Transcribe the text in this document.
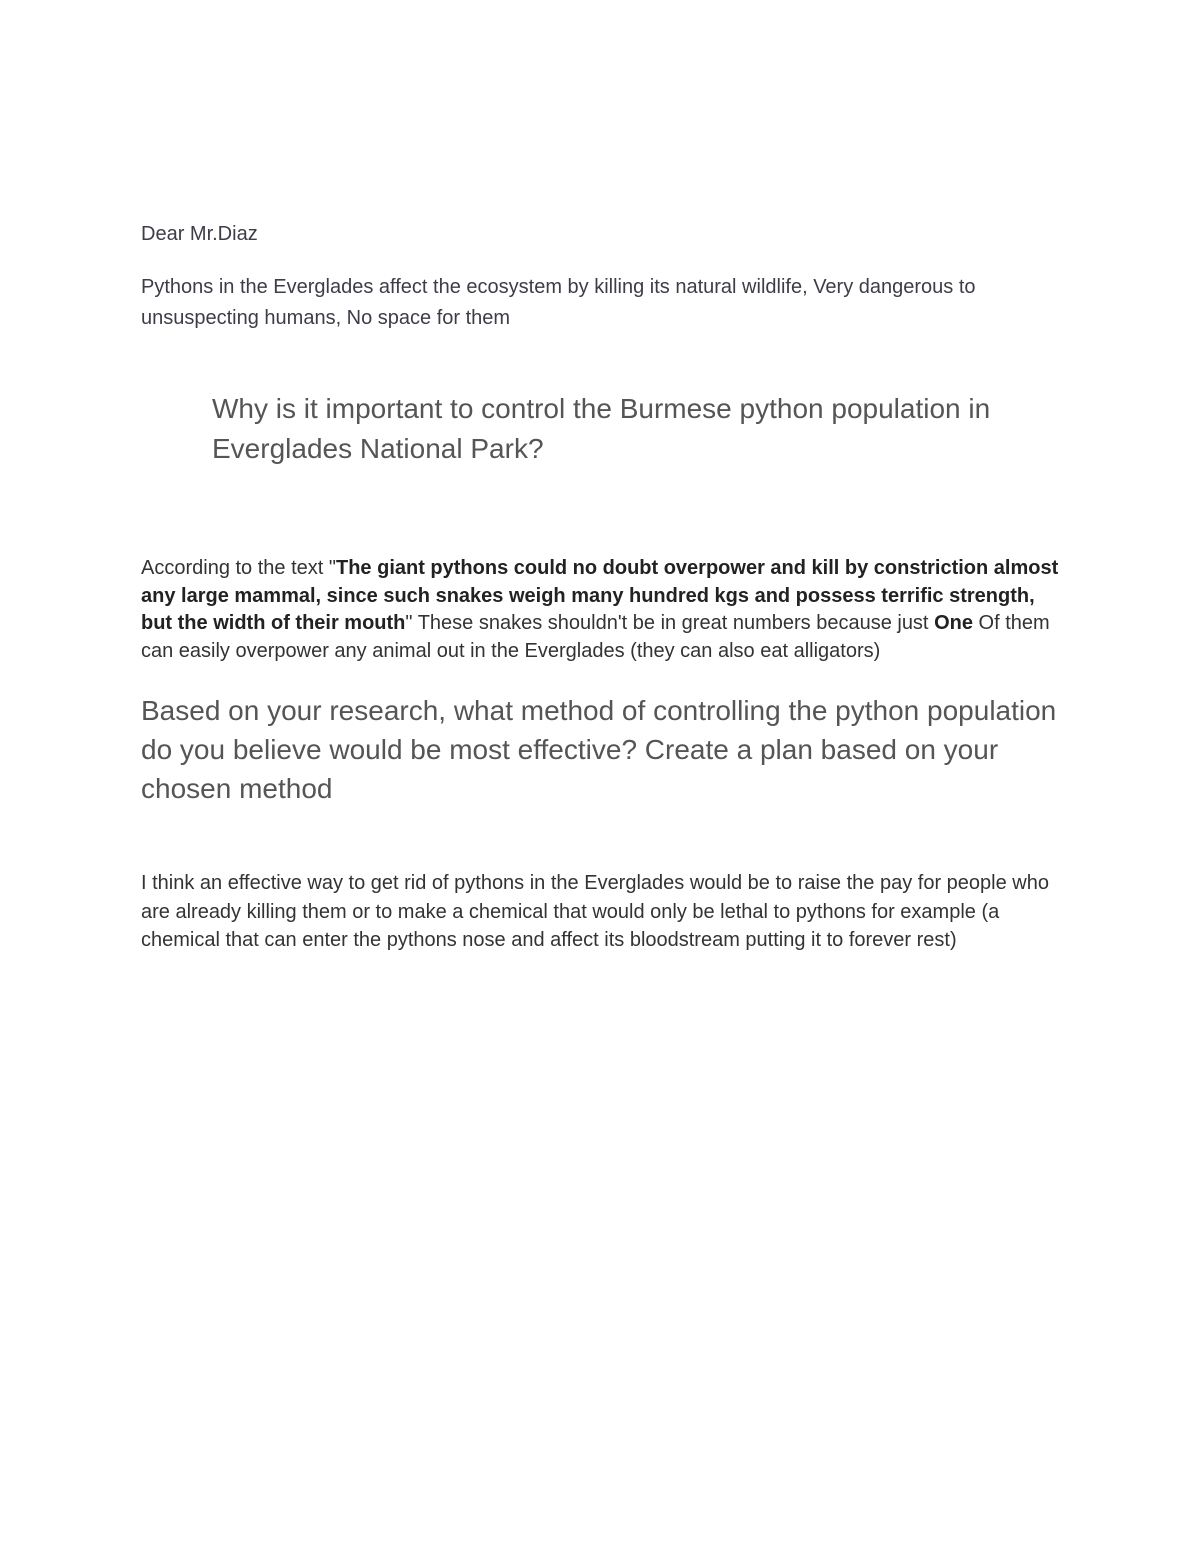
Dear Mr.Diaz

Pythons in the Everglades affect the ecosystem by killing its natural wildlife, Very dangerous to unsuspecting humans, No space for them

Why is it important to control the Burmese python population in Everglades National Park?

According to the text "The giant pythons could no doubt overpower and kill by constriction almost any large mammal, since such snakes weigh many hundred kgs and possess terrific strength, but the width of their mouth" These snakes shouldn't be in great numbers because just One Of them can easily overpower any animal out in the Everglades (they can also eat alligators)

Based on your research, what method of controlling the python population do you believe would be most effective? Create a plan based on your chosen method

I think an effective way to get rid of pythons in the Everglades would be to raise the pay for people who are already killing them or to make a chemical that would only be lethal to pythons for example (a chemical that can enter the pythons nose and affect its bloodstream putting it to forever rest)
